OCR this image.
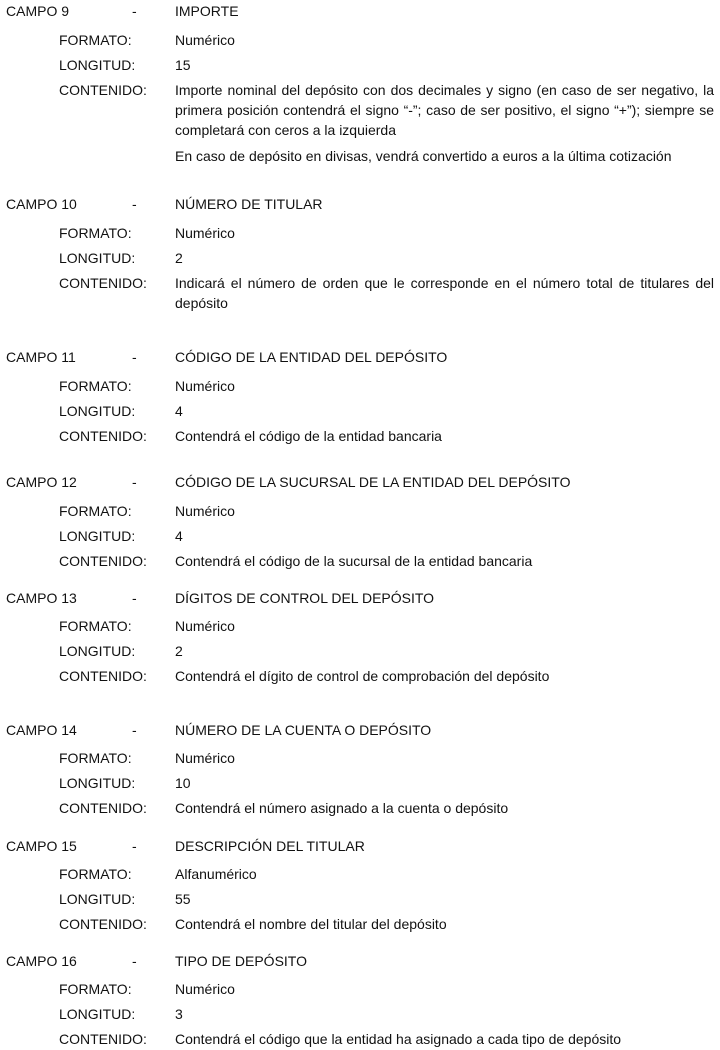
CAMPO 9	-	IMPORTE
FORMATO:	Numérico
LONGITUD:	15
CONTENIDO: Importe nominal del depósito con dos decimales y signo (en caso de ser negativo, la primera posición contendrá el signo “-”; caso de ser positivo, el signo “+”); siempre se completará con ceros a la izquierda

En caso de depósito en divisas, vendrá convertido a euros a la última cotización

CAMPO 10	-	NÚMERO DE TITULAR
FORMATO:	Numérico
LONGITUD:	2
CONTENIDO: Indicará el número de orden que le corresponde en el número total de titulares del depósito

CAMPO 11	-	CÓDIGO DE LA ENTIDAD DEL DEPÓSITO
FORMATO:	Numérico
LONGITUD:	4
CONTENIDO: Contendrá el código de la entidad bancaria
CAMPO 12	-	CÓDIGO DE LA SUCURSAL DE LA ENTIDAD DEL DEPÓSITO
FORMATO:	Numérico
LONGITUD:	4
CONTENIDO: Contendrá el código de la sucursal de la entidad bancaria
CAMPO 13	-	DÍGITOS DE CONTROL DEL DEPÓSITO
FORMATO:	Numérico
LONGITUD:	2
CONTENIDO: Contendrá el dígito de control de comprobación del depósito
CAMPO 14	-	NÚMERO DE LA CUENTA O DEPÓSITO
FORMATO:	Numérico
LONGITUD:	10
CONTENIDO: Contendrá el número asignado a la cuenta o depósito
CAMPO 15	-	DESCRIPCIÓN DEL TITULAR
FORMATO:	Alfanumérico
LONGITUD:	55
CONTENIDO: Contendrá el nombre del titular del depósito
CAMPO 16	-	TIPO DE DEPÓSITO
FORMATO:	Numérico
LONGITUD:	3
CONTENIDO: Contendrá el código que la entidad ha asignado a cada tipo de depósito
